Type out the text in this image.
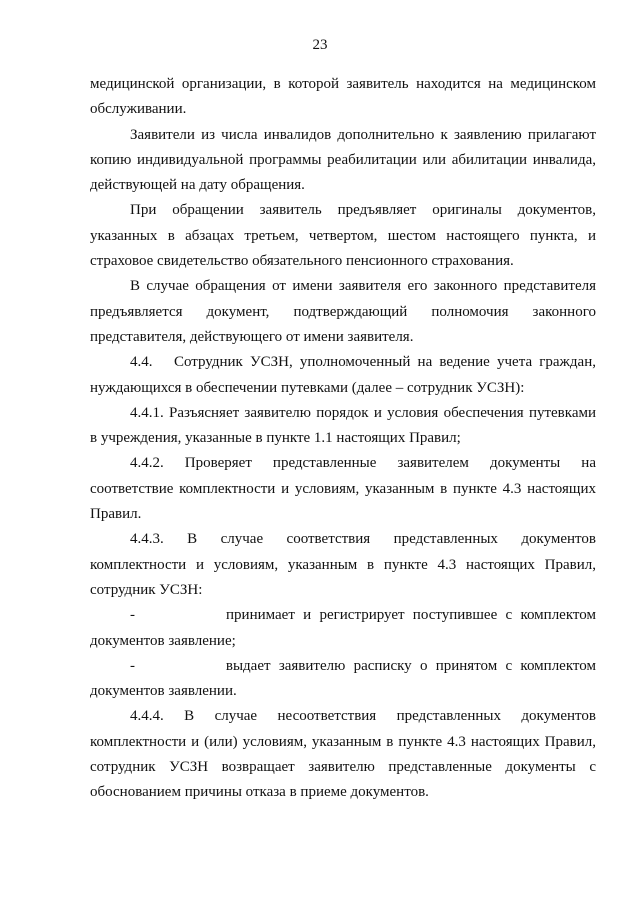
23

медицинской организации, в которой заявитель находится на медицинском обслуживании.

Заявители из числа инвалидов дополнительно к заявлению прилагают копию индивидуальной программы реабилитации или абилитации инвалида, действующей на дату обращения.

При обращении заявитель предъявляет оригиналы документов, указанных в абзацах третьем, четвертом, шестом настоящего пункта, и страховое свидетельство обязательного пенсионного страхования.

В случае обращения от имени заявителя его законного представителя предъявляется документ, подтверждающий полномочия законного представителя, действующего от имени заявителя.

4.4.   Сотрудник УСЗН, уполномоченный на ведение учета граждан, нуждающихся в обеспечении путевками (далее – сотрудник УСЗН):

4.4.1. Разъясняет заявителю порядок и условия обеспечения путевками в учреждения, указанные в пункте 1.1 настоящих Правил;

4.4.2. Проверяет представленные заявителем документы на соответствие комплектности и условиям, указанным в пункте 4.3 настоящих Правил.

4.4.3. В случае соответствия представленных документов комплектности и условиям, указанным в пункте 4.3 настоящих Правил, сотрудник УСЗН:

-           принимает и регистрирует поступившее с комплектом документов заявление;

-           выдает заявителю расписку о принятом с комплектом документов заявлении.

4.4.4. В случае несоответствия представленных документов комплектности и (или) условиям, указанным в пункте 4.3 настоящих Правил, сотрудник УСЗН возвращает заявителю представленные документы с обоснованием причины отказа в приеме документов.
